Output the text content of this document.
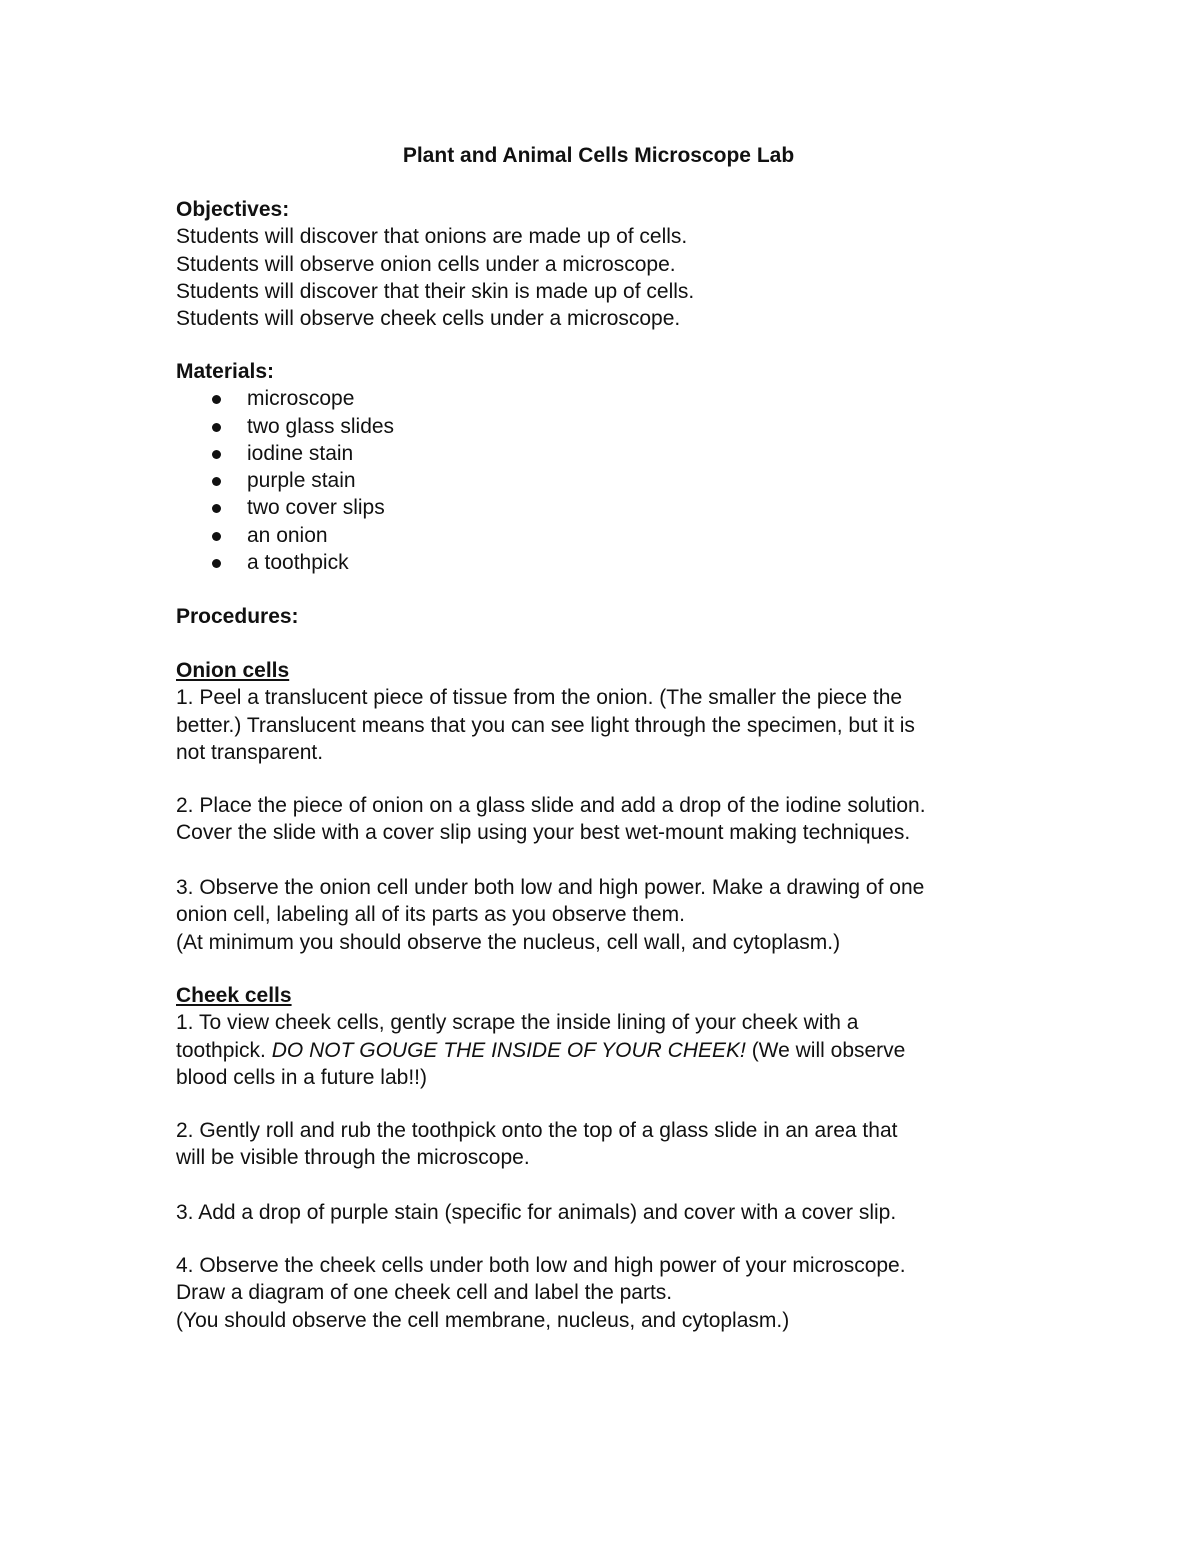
Plant and Animal Cells Microscope Lab
Objectives:
Students will discover that onions are made up of cells.
Students will observe onion cells under a microscope.
Students will discover that their skin is made up of cells.
Students will observe cheek cells under a microscope.
Materials:
microscope
two glass slides
iodine stain
purple stain
two cover slips
an onion
a toothpick
Procedures:
Onion cells
1. Peel a translucent piece of tissue from the onion. (The smaller the piece the
better.) Translucent means that you can see light through the specimen, but it is
not transparent.
2. Place the piece of onion on a glass slide and add a drop of the iodine solution.
Cover the slide with a cover slip using your best wet-mount making techniques.
3. Observe the onion cell under both low and high power. Make a drawing of one
onion cell, labeling all of its parts as you observe them.
(At minimum you should observe the nucleus, cell wall, and cytoplasm.)
Cheek cells
1. To view cheek cells, gently scrape the inside lining of your cheek with a
toothpick. DO NOT GOUGE THE INSIDE OF YOUR CHEEK! (We will observe
blood cells in a future lab!!)
2. Gently roll and rub the toothpick onto the top of a glass slide in an area that
will be visible through the microscope.
3. Add a drop of purple stain (specific for animals) and cover with a cover slip.
4. Observe the cheek cells under both low and high power of your microscope.
Draw a diagram of one cheek cell and label the parts.
(You should observe the cell membrane, nucleus, and cytoplasm.)
